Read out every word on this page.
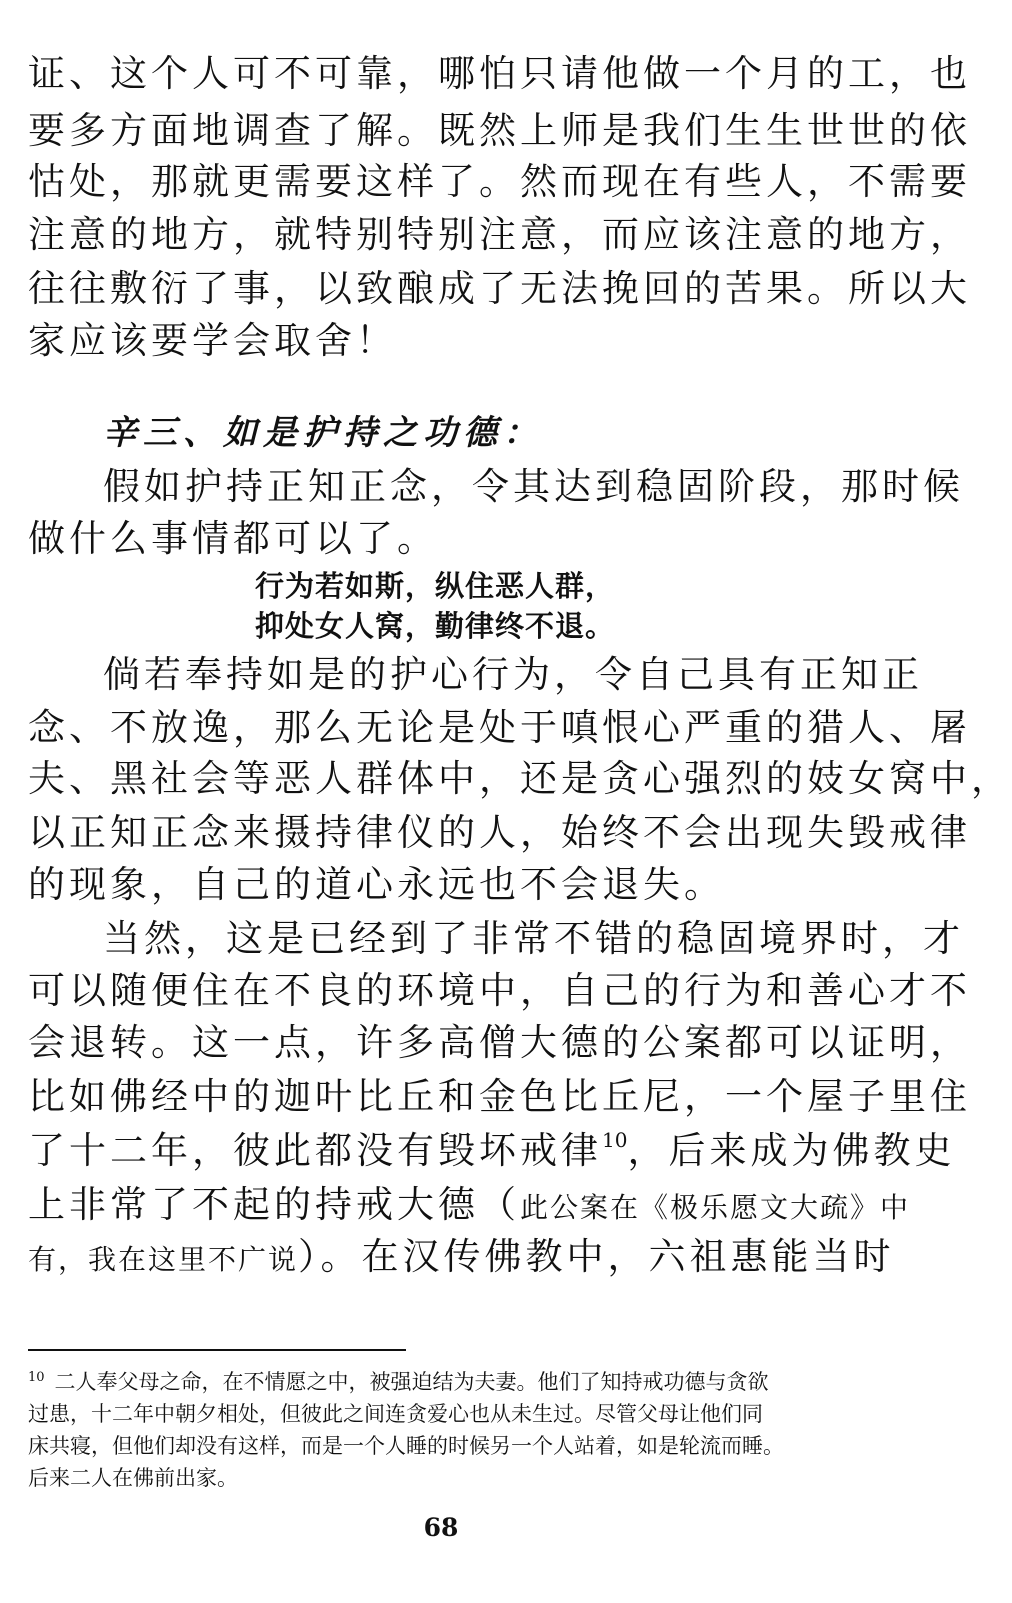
证、这个人可不可靠，哪怕只请他做一个月的工，也
要多方面地调查了解。既然上师是我们生生世世的依
怙处，那就更需要这样了。然而现在有些人，不需要
注意的地方，就特别特别注意，而应该注意的地方，
往往敷衍了事，以致酿成了无法挽回的苦果。所以大
家应该要学会取舍！
辛三、如是护持之功德：
假如护持正知正念，令其达到稳固阶段，那时候
做什么事情都可以了。
行为若如斯，纵住恶人群，
抑处女人窝，勤律终不退。
倘若奉持如是的护心行为，令自己具有正知正
念、不放逸，那么无论是处于嗔恨心严重的猎人、屠
夫、黑社会等恶人群体中，还是贪心强烈的妓女窝中，
以正知正念来摄持律仪的人，始终不会出现失毁戒律
的现象，自己的道心永远也不会退失。
当然，这是已经到了非常不错的稳固境界时，才
可以随便住在不良的环境中，自己的行为和善心才不
会退转。这一点，许多高僧大德的公案都可以证明，
比如佛经中的迦叶比丘和金色比丘尼，一个屋子里住
了十二年，彼此都没有毁坏戒律$^{10}$，后来成为佛教史
上非常了不起的持戒大德（此公案在《极乐愿文大疏》中
有，我在这里不广说）。在汉传佛教中，六祖惠能当时
$^{10}$ 二人奉父母之命，在不情愿之中，被强迫结为夫妻。他们了知持戒功德与贪欲
过患，十二年中朝夕相处，但彼此之间连贪爱心也从未生过。尽管父母让他们同
床共寝，但他们却没有这样，而是一个人睡的时候另一个人站着，如是轮流而睡。
后来二人在佛前出家。
68
